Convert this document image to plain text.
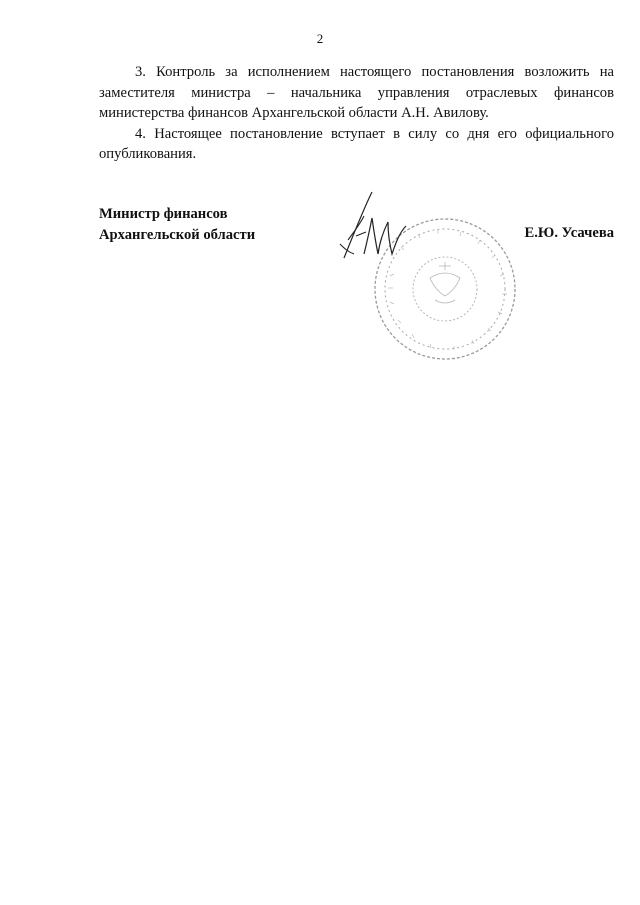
2

3. Контроль за исполнением настоящего постановления возложить на заместителя министра – начальника управления отраслевых финансов министерства финансов Архангельской области А.Н. Авилову.

4. Настоящее постановление вступает в силу со дня его официального опубликования.

Министр финансов
Архангельской области	Е.Ю. Усачева
